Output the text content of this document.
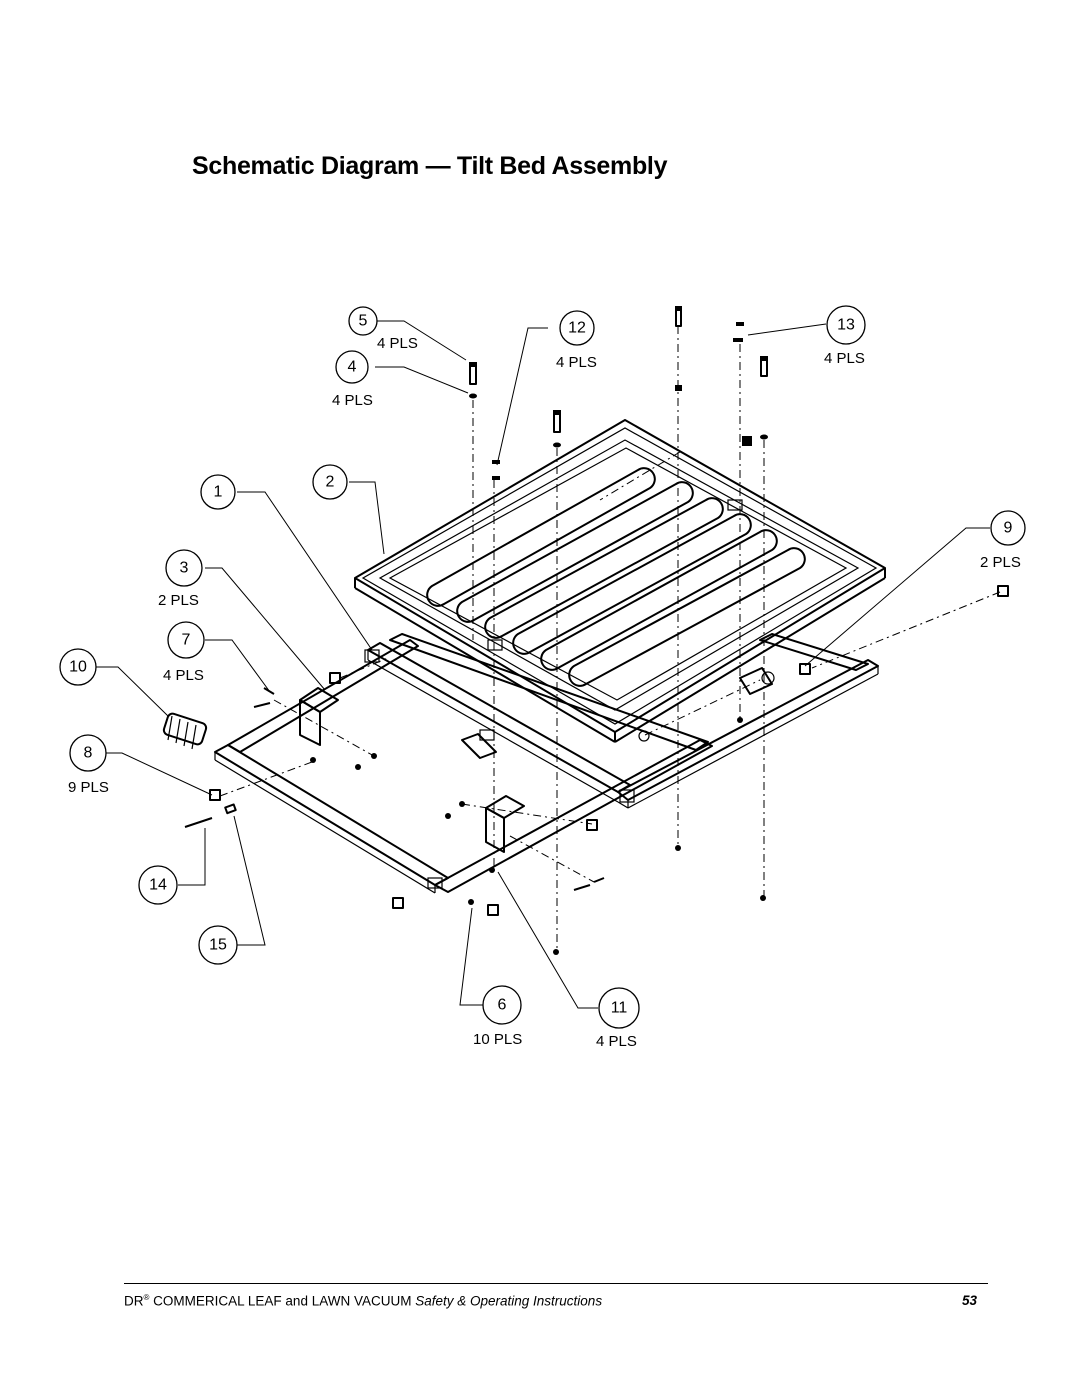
Schematic Diagram — Tilt Bed Assembly
5
4
12	13
1
2
9
3
7
10
8
14
15
6	11
4 PLS
4 PLS
4 PLS	4 PLS
2 PLS
2 PLS
4 PLS
9 PLS
10 PLS	4 PLS
DR® COMMERICAL LEAF and LAWN VACUUM Safety & Operating Instructions	53
